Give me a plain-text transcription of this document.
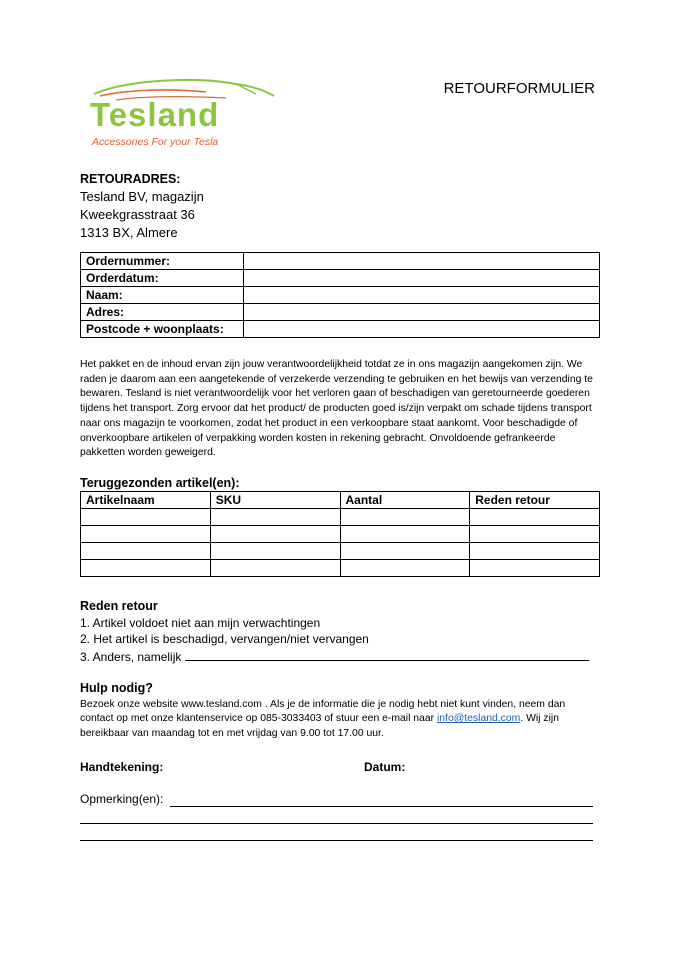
Tesland
Accessories For your Tesla
RETOURFORMULIER
RETOURADRES:
Tesland BV, magazijn
Kweekgrasstraat 36
1313 BX, Almere
Ordernummer:	
Orderdatum:	
Naam:	
Adres:	
Postcode + woonplaats:	
Het pakket en de inhoud ervan zijn jouw verantwoordelijkheid totdat ze in ons magazijn aangekomen zijn. We raden je daarom aan een aangetekende of verzekerde verzending te gebruiken en het bewijs van verzending te bewaren. Tesland is niet verantwoordelijk voor het verloren gaan of beschadigen van geretourneerde goederen tijdens het transport. Zorg ervoor dat het product/ de producten goed is/zijn verpakt om schade tijdens transport naar ons magazijn te voorkomen, zodat het product in een verkoopbare staat aankomt. Voor beschadigde of onverkoopbare artikelen of verpakking worden kosten in rekening gebracht. Onvoldoende gefrankeerde pakketten worden geweigerd.
Teruggezonden artikel(en):
Artikelnaam	SKU	Aantal	Reden retour

Reden retour
1. Artikel voldoet niet aan mijn verwachtingen
2. Het artikel is beschadigd, vervangen/niet vervangen
3. Anders, namelijk
Hulp nodig?
Bezoek onze website www.tesland.com . Als je de informatie die je nodig hebt niet kunt vinden, neem dan contact op met onze klantenservice op 085-3033403 of stuur een e-mail naar info@tesland.com. Wij zijn bereikbaar van maandag tot en met vrijdag van 9.00 tot 17.00 uur.
Handtekening:	Datum:
Opmerking(en):
